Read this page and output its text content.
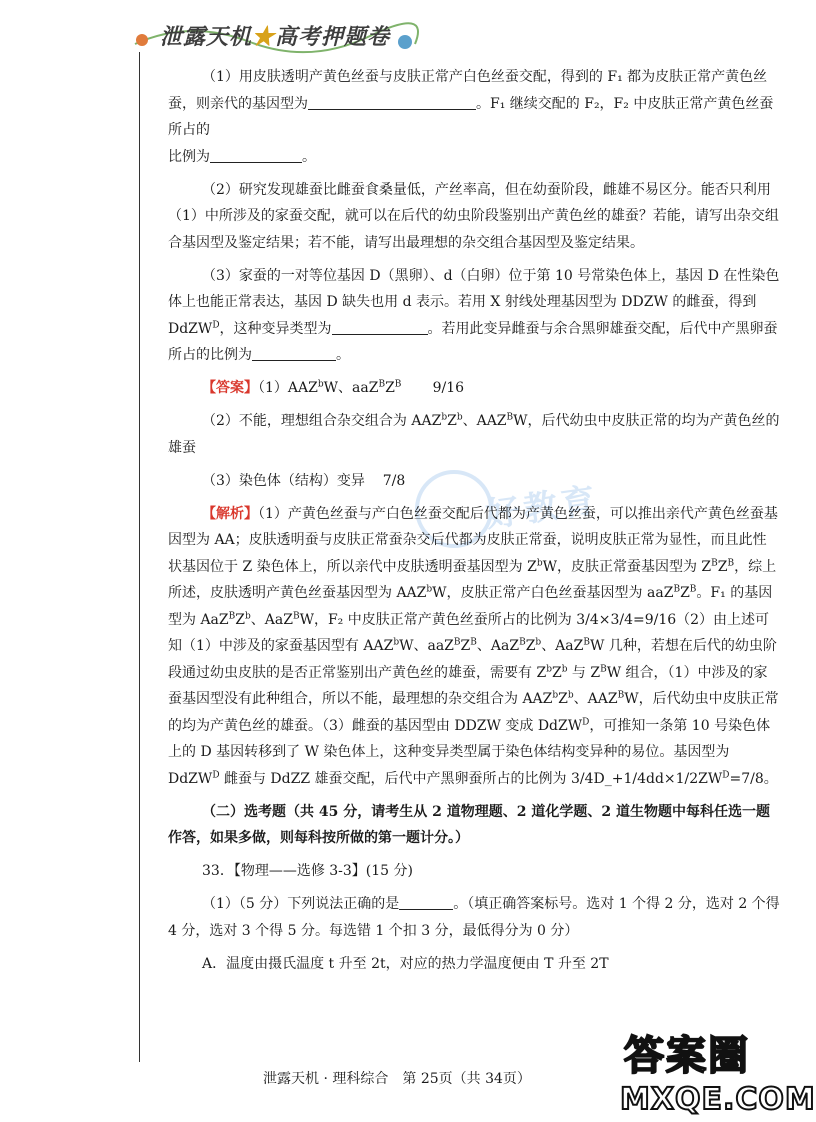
泄露天机★高考押题卷
好教育

（1）用皮肤透明产黄色丝蚕与皮肤正常产白色丝蚕交配，得到的 F₁ 都为皮肤正常产黄色丝蚕，则亲代的基因型为	。F₁ 继续交配的 F₂，F₂ 中皮肤正常产黄色丝蚕所占的
比例为	。

（2）研究发现雄蚕比雌蚕食桑量低，产丝率高，但在幼蚕阶段，雌雄不易区分。能否只利用（1）中所涉及的家蚕交配，就可以在后代的幼虫阶段鉴别出产黄色丝的雄蚕？若能，请写出杂交组合基因型及鉴定结果；若不能，请写出最理想的杂交组合基因型及鉴定结果。

（3）家蚕的一对等位基因 D（黑卵）、d（白卵）位于第 10 号常染色体上，基因 D 在性染色体上也能正常表达，基因 D 缺失也用 d 表示。若用 X 射线处理基因型为 DDZW 的雌蚕，得到 DdZW$^D$，这种变异类型为	。若用此变异雌蚕与余合黑卵雄蚕交配，后代中产黑卵蚕所占的比例为	。

【答案】（1）AAZ$^b$W、$aaZ^BZ^B$ 9/16

（2）不能，理想组合杂交组合为 $AAZ^bZ^b$、$AAZ^BW$，后代幼虫中皮肤正常的均为产黄色丝的雄蚕

（3）染色体（结构）变异 7/8

【解析】（1）产黄色丝蚕与产白色丝蚕交配后代都为产黄色丝蚕，可以推出亲代产黄色丝蚕基因型为 AA；皮肤透明蚕与皮肤正常蚕杂交后代都为皮肤正常蚕，说明皮肤正常为显性，而且此性状基因位于 Z 染色体上，所以亲代中皮肤透明蚕基因型为 $Z^bW$，皮肤正常蚕基因型为 $Z^BZ^B$，综上所述，皮肤透明产黄色丝蚕基因型为 AAZ$^b$W，皮肤正常产白色丝蚕基因型为 $aaZ^BZ^B$。F₁ 的基因型为 $AaZ^BZ^b$、AaZ$^B$W，F₂ 中皮肤正常产黄色丝蚕所占的比例为 3/4×3/4=9/16（2）由上述可知（1）中涉及的家蚕基因型有 AAZ$^b$W、$aaZ^BZ^B$、$AaZ^BZ^b$、AaZ$^B$W 几种，若想在后代的幼虫阶段通过幼虫皮肤的是否正常鉴别出产黄色丝的雄蚕，需要有 $Z^bZ^b$ 与 $Z^BW$ 组合，（1）中涉及的家蚕基因型没有此种组合，所以不能，最理想的杂交组合为 $AAZ^bZ^b$、$AAZ^BW$，后代幼虫中皮肤正常的均为产黄色丝的雄蚕。（3）雌蚕的基因型由 DDZW 变成 DdZW$^D$，可推知一条第 10 号染色体上的 D 基因转移到了 W 染色体上，这种变异类型属于染色体结构变异种的易位。基因型为 DdZW$^D$ 雌蚕与 DdZZ 雄蚕交配，后代中产黑卵蚕所占的比例为 $3/4D\_+1/4dd\times 1/2ZW^D=7/8$。

（二）选考题（共 45 分，请考生从 2 道物理题、2 道化学题、2 道生物题中每科任选一题作答，如果多做，则每科按所做的第一题计分。）

33．【物理——选修 3-3】(15 分)

（1）（5 分）下列说法正确的是	。（填正确答案标号。选对 1 个得 2 分，选对 2 个得 4 分，选对 3 个得 5 分。每选错 1 个扣 3 分，最低得分为 0 分）

A．温度由摄氏温度 t 升至 2t，对应的热力学温度便由 T 升至 2T

泄露天机 · 理科综合　第 25页（共 34页）	答案圈
MXQE.COM
